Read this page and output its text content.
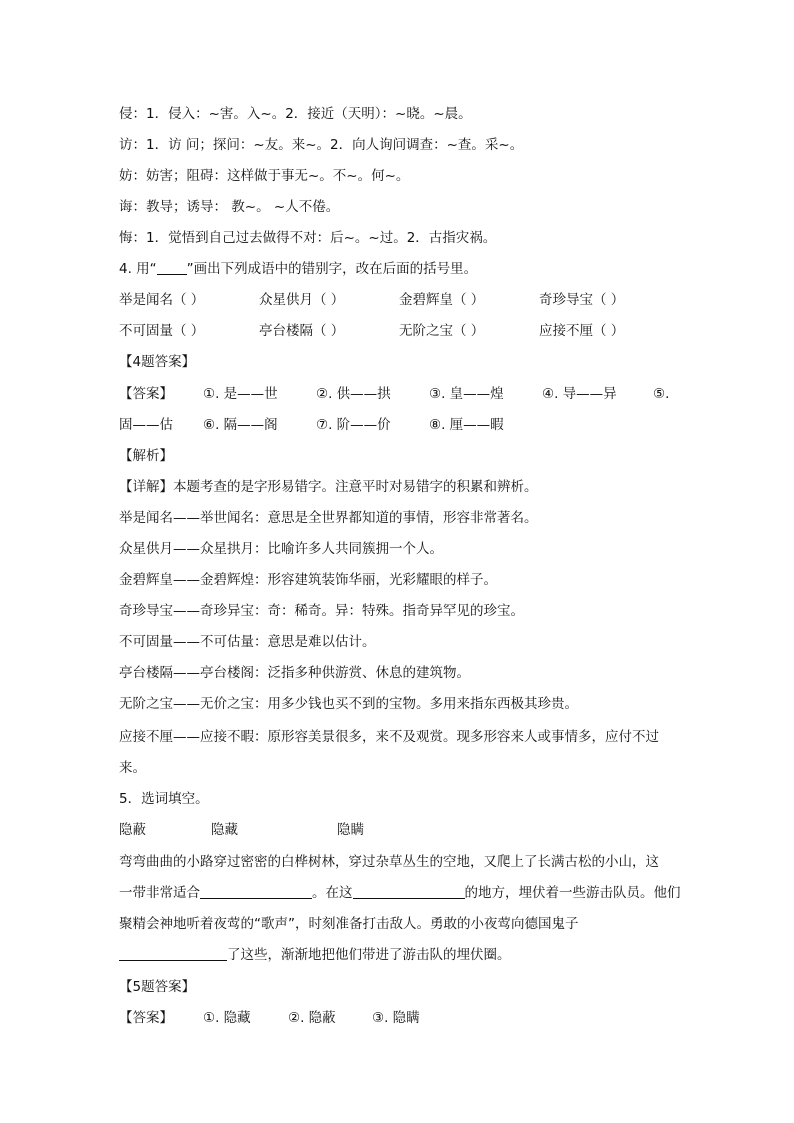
侵：1．侵入：~害。入~。2．接近（天明）：~晓。~晨。
访：1．访 问；探问：~友。来~。2．向人询问调查：~查。采~。
妨：妨害；阻碍：这样做于事无~。不~。何~。
诲：教导；诱导： 教~。 ~人不倦。
悔：1．觉悟到自己过去做得不对：后~。~过。2．古指灾祸。
4. 用“ ”画出下列成语中的错别字，改在后面的括号里。
举是闻名（ ）	众星供月（ ）	金碧辉皇（ ）	奇珍导宝（ ）
不可固量（ ）	亭台楼隔（ ）	无阶之宝（ ）	应接不厘（ ）
【4题答案】
【答案】 ①. 是——世	②. 供——拱	③. 皇——煌	④. 导——异	⑤.
固——估 ⑥. 隔——阁	⑦. 阶——价	⑧. 厘——暇
【解析】
【详解】本题考查的是字形易错字。注意平时对易错字的积累和辨析。
举是闻名——举世闻名：意思是全世界都知道的事情，形容非常著名。
众星供月——众星拱月：比喻许多人共同簇拥一个人。
金碧辉皇——金碧辉煌：形容建筑装饰华丽，光彩耀眼的样子。
奇珍导宝——奇珍异宝：奇：稀奇。异：特殊。指奇异罕见的珍宝。
不可固量——不可估量：意思是难以估计。
亭台楼隔——亭台楼阁：泛指多种供游赏、休息的建筑物。
无阶之宝——无价之宝：用多少钱也买不到的宝物。多用来指东西极其珍贵。
应接不厘——应接不暇：原形容美景很多，来不及观赏。现多形容来人或事情多，应付不过
来。
5．选词填空。
隐蔽	隐藏	隐瞒
弯弯曲曲的小路穿过密密的白桦树林，穿过杂草丛生的空地，又爬上了长满古松的小山，这
一带非常适合	。在这	的地方，埋伏着一些游击队员。他们
聚精会神地听着夜莺的“歌声”，时刻准备打击敌人。勇敢的小夜莺向德国鬼子
了这些，渐渐地把他们带进了游击队的埋伏圈。
【5题答案】
【答案】 ①. 隐藏	②. 隐蔽	③. 隐瞒
